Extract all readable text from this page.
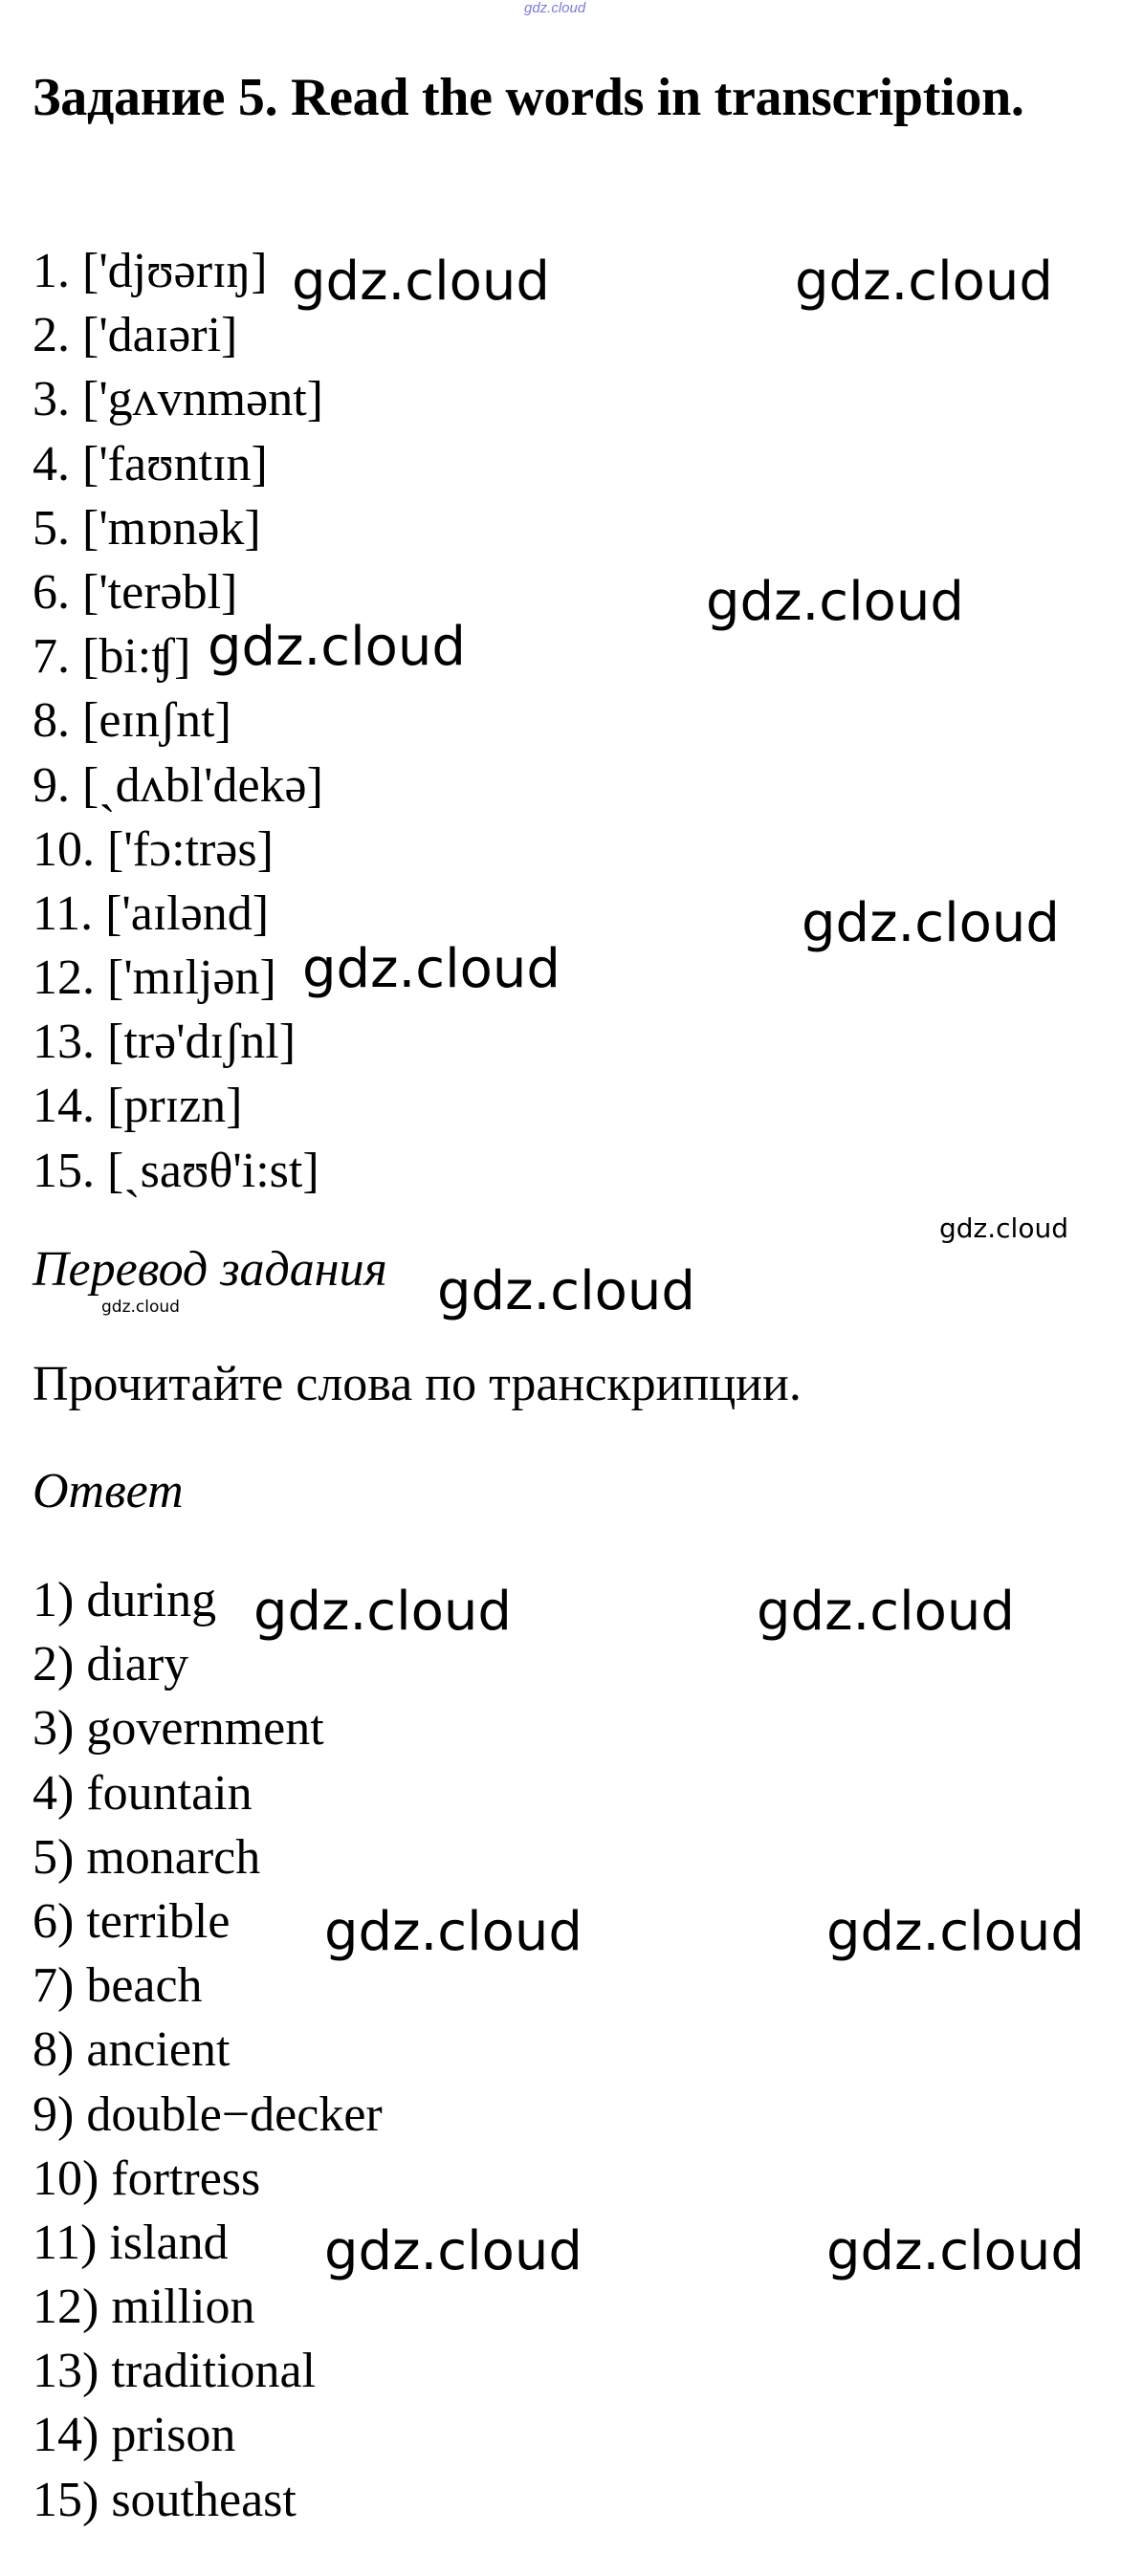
gdz.cloud
Задание 5. Read the words in transcription.
1. ['djʊərɪŋ]
2. ['daɪəri]
3. ['gʌvnmənt]
4. ['faʊntɪn]
5. ['mɒnək]
6. ['terəbl]
7. [bi:ʧ]
8. [eɪnʃnt]
9. [ˏdʌbl'dekə]
10. ['fɔ:trəs]
11. ['aɪlənd]
12. ['mɪljən]
13. [trə'dɪʃnl]
14. [prɪzn]
15. [ˏsaʊθ'i:st]
Перевод задания
Прочитайте слова по транскрипции.
Ответ
1) during
2) diary
3) government
4) fountain
5) monarch
6) terrible
7) beach
8) ancient
9) double−decker
10) fortress
11) island
12) million
13) traditional
14) prison
15) southeast
gdz.cloud	gdz.cloud
gdz.cloud
gdz.cloud
gdz.cloud
gdz.cloud
gdz.cloud
gdz.cloud
gdz.cloud
gdz.cloud	gdz.cloud
gdz.cloud	gdz.cloud
gdz.cloud	gdz.cloud
